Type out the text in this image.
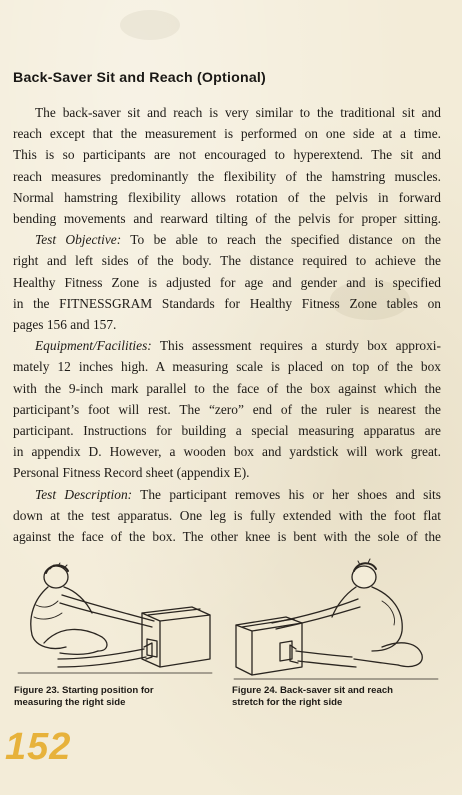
Back-Saver Sit and Reach (Optional)

The back-saver sit and reach is very similar to the traditional sit and
reach except that the measurement is performed on one side at a time.
This is so participants are not encouraged to hyperextend. The sit and
reach measures predominantly the flexibility of the hamstring muscles.
Normal hamstring flexibility allows rotation of the pelvis in forward
bending movements and rearward tilting of the pelvis for proper sitting.

Test Objective: To be able to reach the specified distance on the
right and left sides of the body. The distance required to achieve the
Healthy Fitness Zone is adjusted for age and gender and is specified
in the FITNESSGRAM Standards for Healthy Fitness Zone tables on
pages 156 and 157.

Equipment/Facilities: This assessment requires a sturdy box approxi-
mately 12 inches high. A measuring scale is placed on top of the box
with the 9-inch mark parallel to the face of the box against which the
participant’s foot will rest. The “zero” end of the ruler is nearest the
participant. Instructions for building a special measuring apparatus are
in appendix D. However, a wooden box and yardstick will work great.
Personal Fitness Record sheet (appendix E).

Test Description: The participant removes his or her shoes and sits
down at the test apparatus. One leg is fully extended with the foot flat
against the face of the box. The other knee is bent with the sole of the

Figure 23. Starting position for
measuring the right side
Figure 24. Back-saver sit and reach
stretch for the right side
152
